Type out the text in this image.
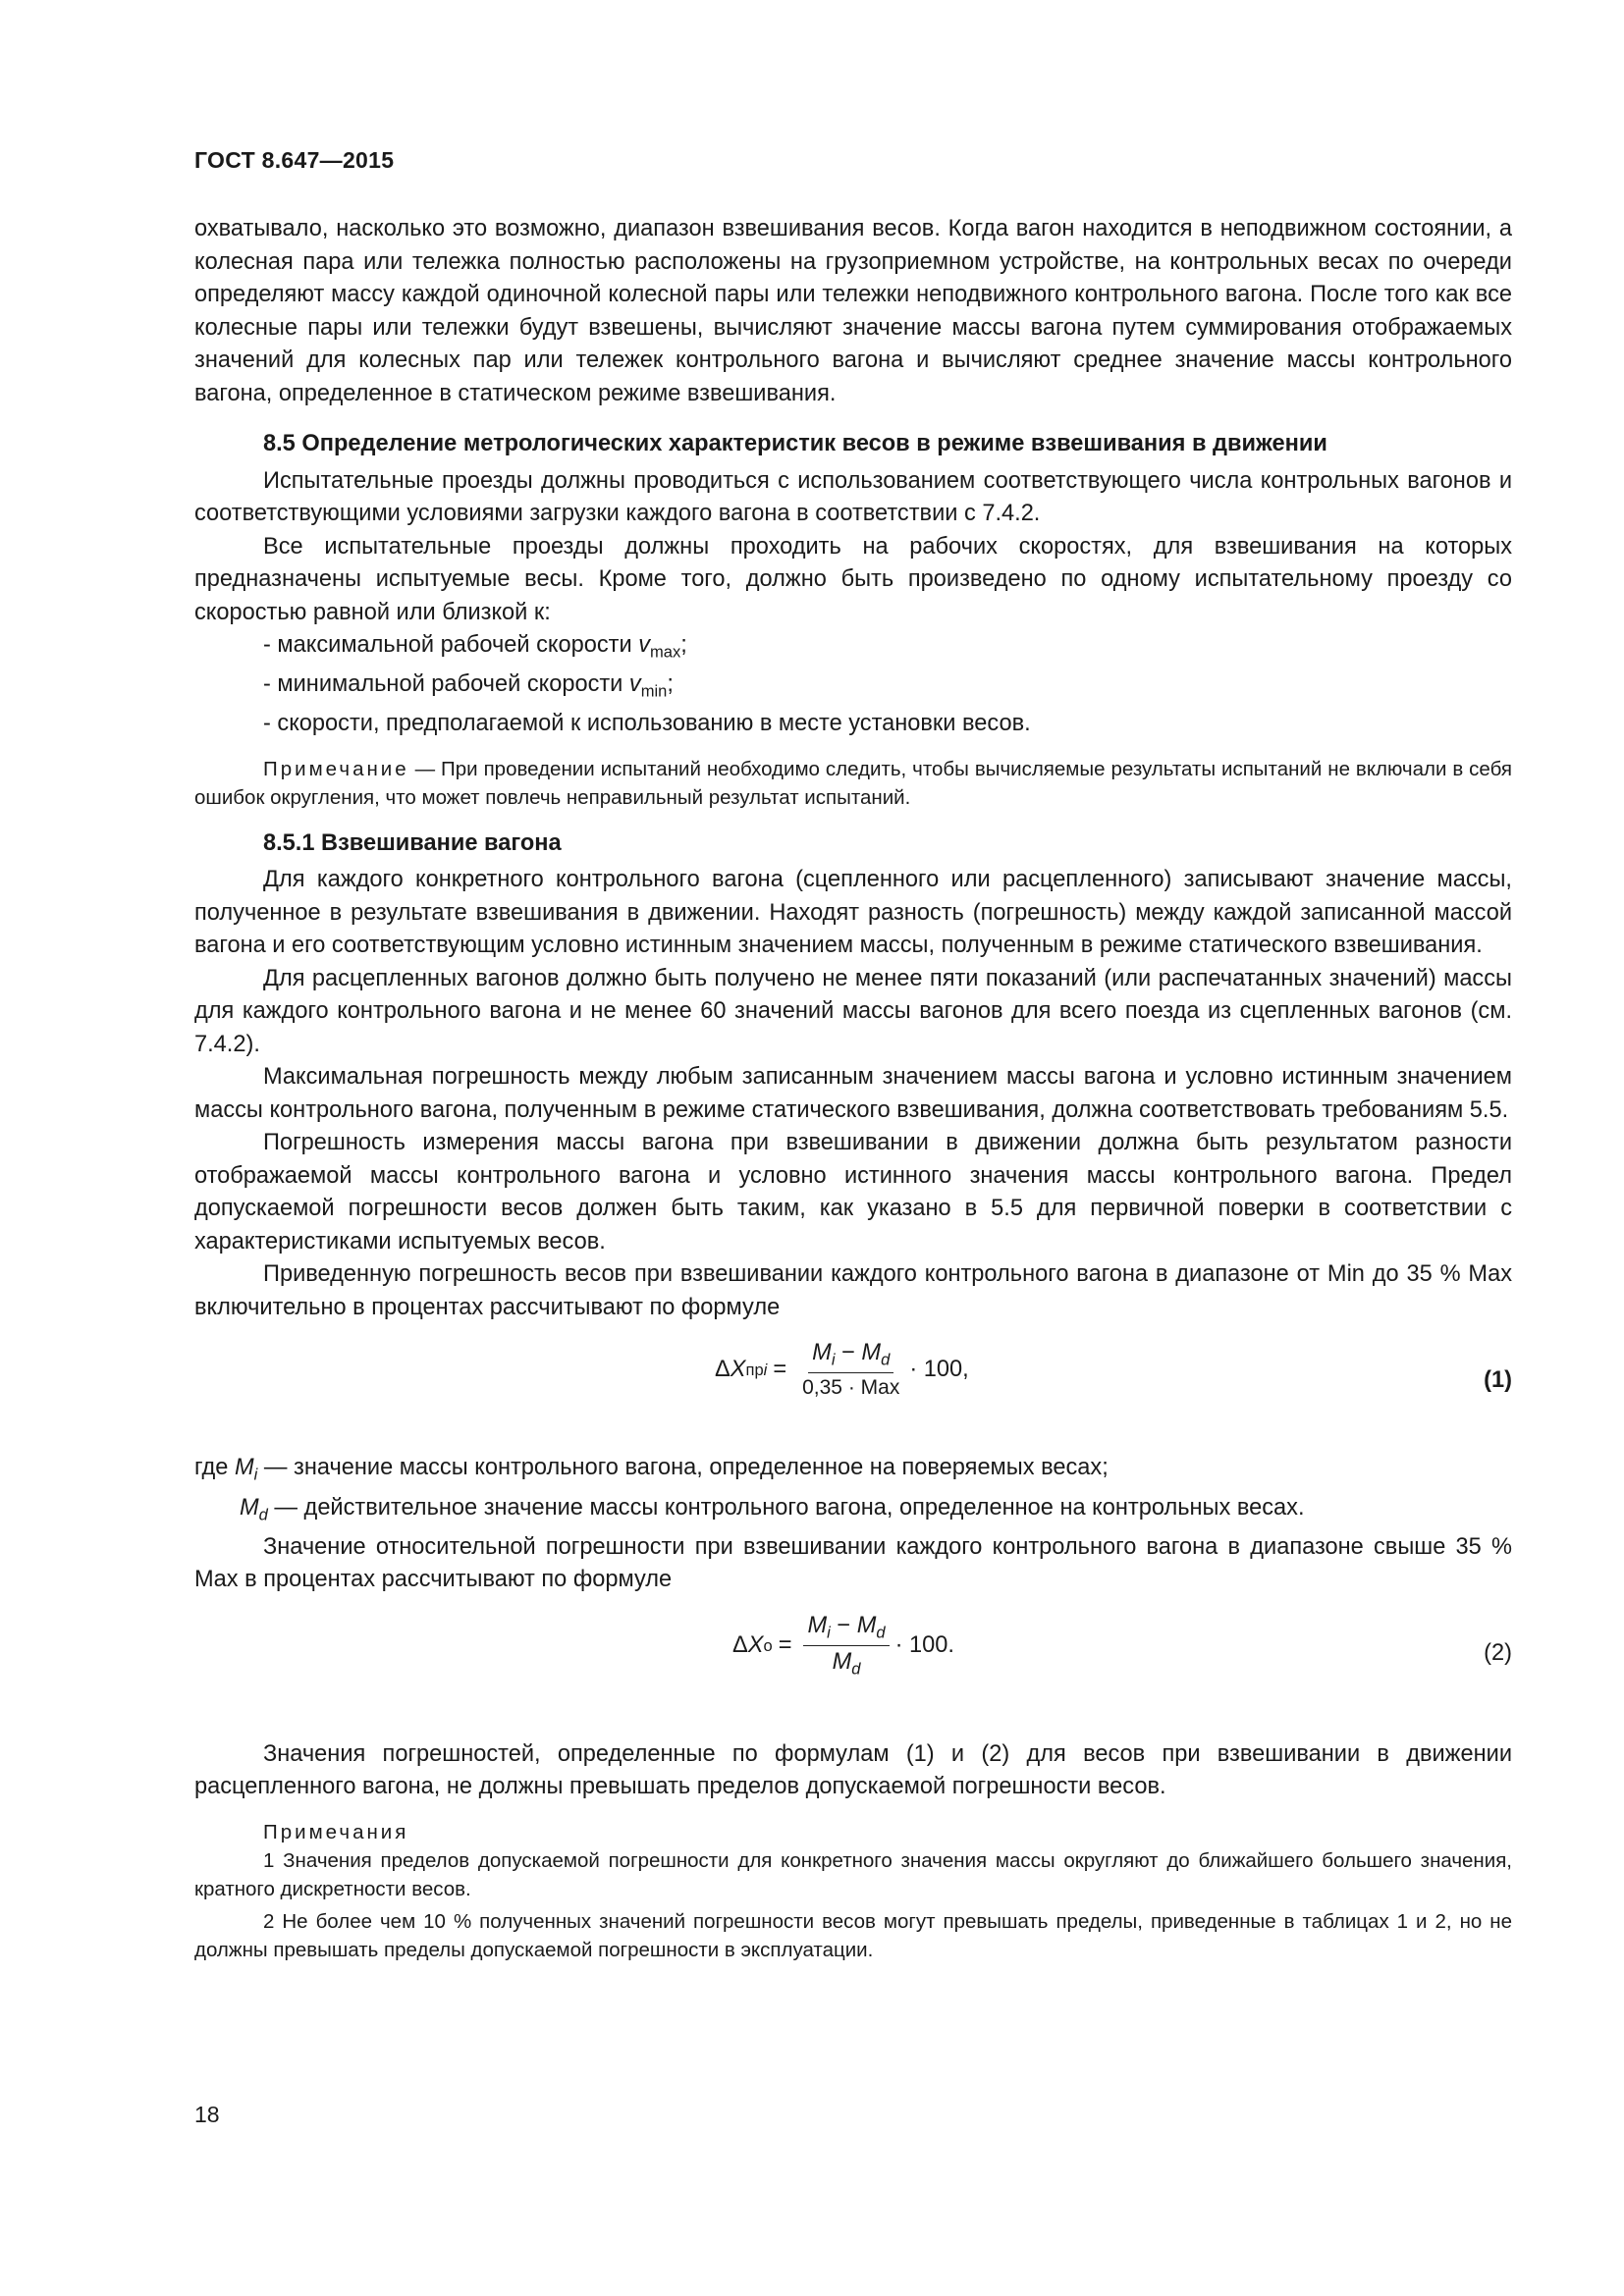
ГОСТ 8.647—2015

охватывало, насколько это возможно, диапазон взвешивания весов. Когда вагон находится в неподвижном состоянии, а колесная пара или тележка полностью расположены на грузоприемном устройстве, на контрольных весах по очереди определяют массу каждой одиночной колесной пары или тележки неподвижного контрольного вагона. После того как все колесные пары или тележки будут взвешены, вычисляют значение массы вагона путем суммирования отображаемых значений для колесных пар или тележек контрольного вагона и вычисляют среднее значение массы контрольного вагона, определенное в статическом режиме взвешивания.

8.5 Определение метрологических характеристик весов в режиме взвешивания в движении

Испытательные проезды должны проводиться с использованием соответствующего числа контрольных вагонов и соответствующими условиями загрузки каждого вагона в соответствии с 7.4.2.

Все испытательные проезды должны проходить на рабочих скоростях, для взвешивания на которых предназначены испытуемые весы. Кроме того, должно быть произведено по одному испытательному проезду со скоростью равной или близкой к:

- максимальной рабочей скорости $v_{max}$;
- минимальной рабочей скорости $v_{min}$;
- скорости, предполагаемой к использованию в месте установки весов.

Примечание — При проведении испытаний необходимо следить, чтобы вычисляемые результаты испытаний не включали в себя ошибок округления, что может повлечь неправильный результат испытаний.

8.5.1 Взвешивание вагона

Для каждого конкретного контрольного вагона (сцепленного или расцепленного) записывают значение массы, полученное в результате взвешивания в движении. Находят разность (погрешность) между каждой записанной массой вагона и его соответствующим условно истинным значением массы, полученным в режиме статического взвешивания.

Для расцепленных вагонов должно быть получено не менее пяти показаний (или распечатанных значений) массы для каждого контрольного вагона и не менее 60 значений массы вагонов для всего поезда из сцепленных вагонов (см. 7.4.2).

Максимальная погрешность между любым записанным значением массы вагона и условно истинным значением массы контрольного вагона, полученным в режиме статического взвешивания, должна соответствовать требованиям 5.5.

Погрешность измерения массы вагона при взвешивании в движении должна быть результатом разности отображаемой массы контрольного вагона и условно истинного значения массы контрольного вагона. Предел допускаемой погрешности весов должен быть таким, как указано в 5.5 для первичной поверки в соответствии с характеристиками испытуемых весов.

Приведенную погрешность весов при взвешивании каждого контрольного вагона в диапазоне от Min до 35 % Max включительно в процентах рассчитывают по формуле

Δ X прi = $\frac{M_i - M_d}{\text{0,35 · Max}} \cdot 100$,	(1)
где $M_i$ — значение массы контрольного вагона, определенное на поверяемых весах;
$M_d$ — действительное значение массы контрольного вагона, определенное на контрольных весах.

Значение относительной погрешности при взвешивании каждого контрольного вагона в диапазоне свыше 35 % Max в процентах рассчитывают по формуле

Δ X $о = \frac{M_i - M_d}{M_d} \cdot 100$.	(2)

Значения погрешностей, определенные по формулам (1) и (2) для весов при взвешивании в движении расцепленного вагона, не должны превышать пределов допускаемой погрешности весов.

Примечания

1 Значения пределов допускаемой погрешности для конкретного значения массы округляют до ближайшего большего значения, кратного дискретности весов.

2 Не более чем 10 % полученных значений погрешности весов могут превышать пределы, приведенные в таблицах 1 и 2, но не должны превышать пределы допускаемой погрешности в эксплуатации.

18
